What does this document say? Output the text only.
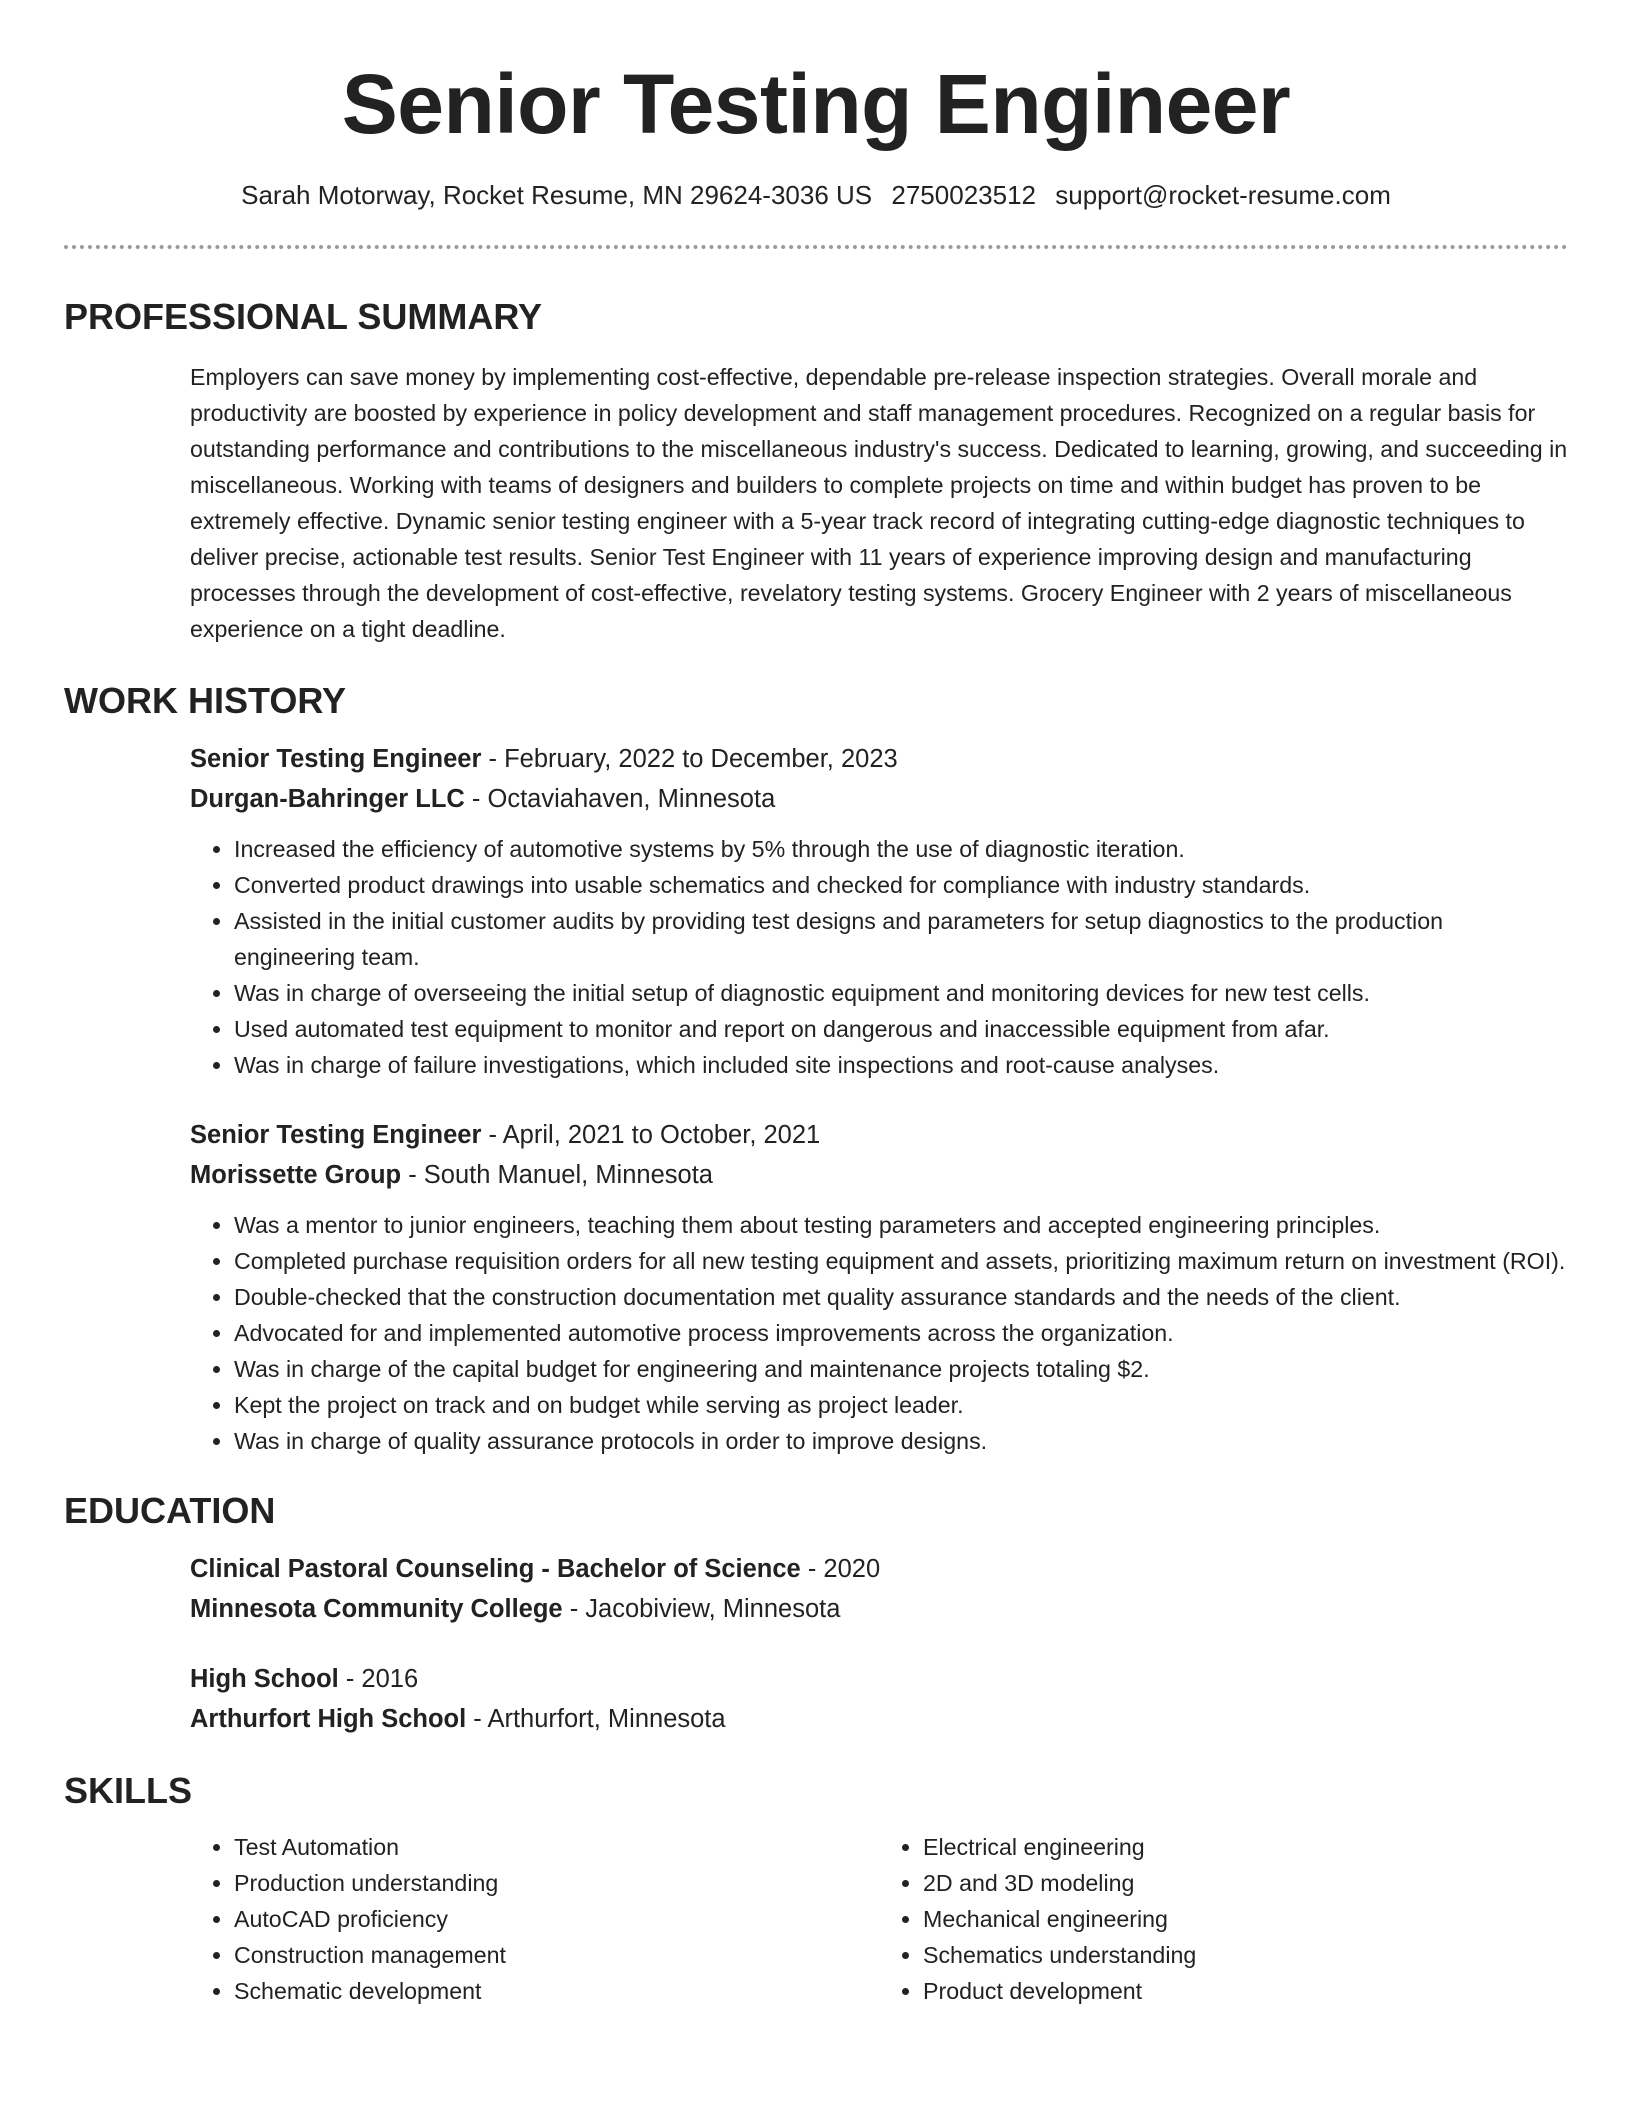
Senior Testing Engineer
Sarah Motorway, Rocket Resume, MN 29624-3036 US 2750023512 support@rocket-resume.com
PROFESSIONAL SUMMARY

Employers can save money by implementing cost-effective, dependable pre-release inspection strategies. Overall morale and productivity are boosted by experience in policy development and staff management procedures. Recognized on a regular basis for outstanding performance and contributions to the miscellaneous industry's success. Dedicated to learning, growing, and succeeding in miscellaneous. Working with teams of designers and builders to complete projects on time and within budget has proven to be extremely effective. Dynamic senior testing engineer with a 5-year track record of integrating cutting-edge diagnostic techniques to deliver precise, actionable test results. Senior Test Engineer with 11 years of experience improving design and manufacturing processes through the development of cost-effective, revelatory testing systems. Grocery Engineer with 2 years of miscellaneous experience on a tight deadline.

WORK HISTORY
Senior Testing Engineer - February, 2022 to December, 2023
Durgan-Bahringer LLC - Octaviahaven, Minnesota
• Increased the efficiency of automotive systems by 5% through the use of diagnostic iteration.
• Converted product drawings into usable schematics and checked for compliance with industry standards.
• Assisted in the initial customer audits by providing test designs and parameters for setup diagnostics to the production engineering team.
• Was in charge of overseeing the initial setup of diagnostic equipment and monitoring devices for new test cells.
• Used automated test equipment to monitor and report on dangerous and inaccessible equipment from afar.
• Was in charge of failure investigations, which included site inspections and root-cause analyses.
Senior Testing Engineer - April, 2021 to October, 2021
Morissette Group - South Manuel, Minnesota
• Was a mentor to junior engineers, teaching them about testing parameters and accepted engineering principles.
• Completed purchase requisition orders for all new testing equipment and assets, prioritizing maximum return on investment (ROI).
• Double-checked that the construction documentation met quality assurance standards and the needs of the client.
• Advocated for and implemented automotive process improvements across the organization.
• Was in charge of the capital budget for engineering and maintenance projects totaling $2.
• Kept the project on track and on budget while serving as project leader.
• Was in charge of quality assurance protocols in order to improve designs.
EDUCATION
Clinical Pastoral Counseling - Bachelor of Science - 2020
Minnesota Community College - Jacobiview, Minnesota
High School - 2016
Arthurfort High School - Arthurfort, Minnesota
SKILLS
• Test Automation
• Production understanding
• AutoCAD proficiency
• Construction management
• Schematic development
• Electrical engineering
• 2D and 3D modeling
• Mechanical engineering
• Schematics understanding
• Product development
